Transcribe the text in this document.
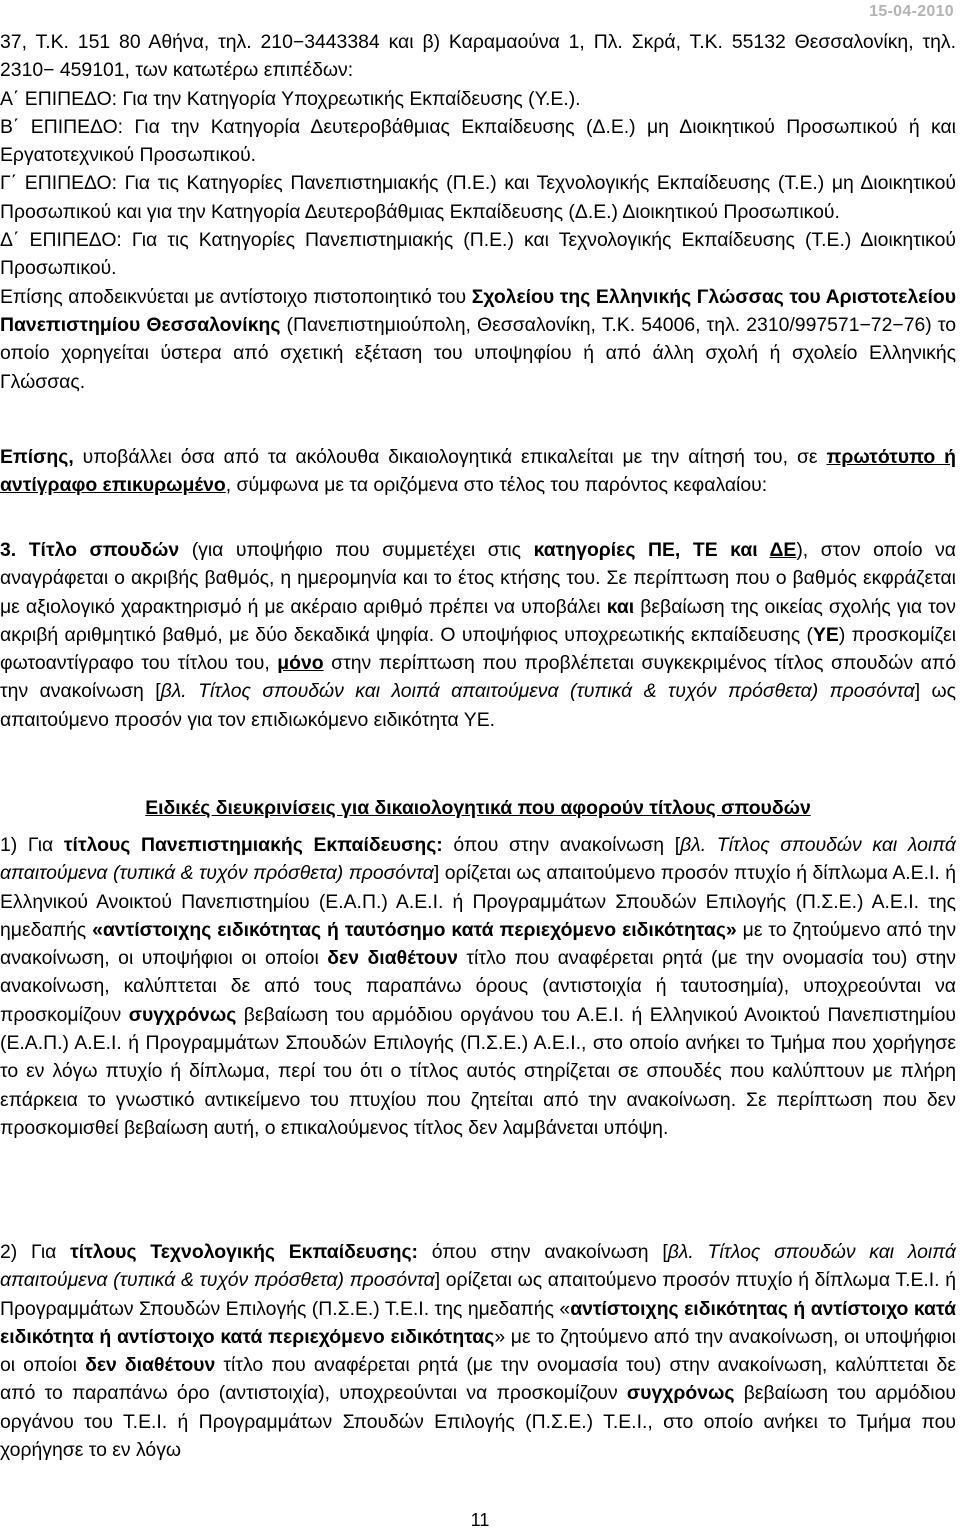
15-04-2010

37, Τ.Κ. 151 80 Αθήνα, τηλ. 210−3443384 και β) Καραμαούνα 1, Πλ. Σκρά, Τ.Κ. 55132 Θεσσαλονίκη, τηλ. 2310− 459101, των κατωτέρω επιπέδων:

Α΄ ΕΠΙΠΕΔΟ: Για την Κατηγορία Υποχρεωτικής Εκπαίδευσης (Υ.Ε.).

Β΄ ΕΠΙΠΕΔΟ: Για την Κατηγορία Δευτεροβάθμιας Εκπαίδευσης (Δ.Ε.) μη Διοικητικού Προσωπικού ή και Εργατοτεχνικού Προσωπικού.

Γ΄ ΕΠΙΠΕΔΟ: Για τις Κατηγορίες Πανεπιστημιακής (Π.Ε.) και Τεχνολογικής Εκπαίδευσης (Τ.Ε.) μη Διοικητικού Προσωπικού και για την Κατηγορία Δευτεροβάθμιας Εκπαίδευσης (Δ.Ε.) Διοικητικού Προσωπικού.

Δ΄ ΕΠΙΠΕΔΟ: Για τις Κατηγορίες Πανεπιστημιακής (Π.Ε.) και Τεχνολογικής Εκπαίδευσης (Τ.Ε.) Διοικητικού Προσωπικού.

Επίσης αποδεικνύεται με αντίστοιχο πιστοποιητικό του Σχολείου της Ελληνικής Γλώσσας του Αριστοτελείου Πανεπιστημίου Θεσσαλονίκης (Πανεπιστημιούπολη, Θεσσαλονίκη, Τ.Κ. 54006, τηλ. 2310/997571−72−76) το οποίο χορηγείται ύστερα από σχετική εξέταση του υποψηφίου ή από άλλη σχολή ή σχολείο Ελληνικής Γλώσσας.

Επίσης, υποβάλλει όσα από τα ακόλουθα δικαιολογητικά επικαλείται με την αίτησή του, σε πρωτότυπο ή αντίγραφο επικυρωμένο, σύμφωνα με τα οριζόμενα στο τέλος του παρόντος κεφαλαίου:

3. Τίτλο σπουδών (για υποψήφιο που συμμετέχει στις κατηγορίες ΠΕ, ΤΕ και ΔΕ), στον οποίο να αναγράφεται ο ακριβής βαθμός, η ημερομηνία και το έτος κτήσης του. Σε περίπτωση που ο βαθμός εκφράζεται με αξιολογικό χαρακτηρισμό ή με ακέραιο αριθμό πρέπει να υποβάλει και βεβαίωση της οικείας σχολής για τον ακριβή αριθμητικό βαθμό, με δύο δεκαδικά ψηφία. Ο υποψήφιος υποχρεωτικής εκπαίδευσης (ΥΕ) προσκομίζει φωτοαντίγραφο του τίτλου του, μόνο στην περίπτωση που προβλέπεται συγκεκριμένος τίτλος σπουδών από την ανακοίνωση [βλ. Τίτλος σπουδών και λοιπά απαιτούμενα (τυπικά & τυχόν πρόσθετα) προσόντα] ως απαιτούμενο προσόν για τον επιδιωκόμενο ειδικότητα ΥΕ.

Ειδικές διευκρινίσεις για δικαιολογητικά που αφορούν τίτλους σπουδών

1) Για τίτλους Πανεπιστημιακής Εκπαίδευσης: όπου στην ανακοίνωση [βλ. Τίτλος σπουδών και λοιπά απαιτούμενα (τυπικά & τυχόν πρόσθετα) προσόντα] ορίζεται ως απαιτούμενο προσόν πτυχίο ή δίπλωμα Α.Ε.Ι. ή Ελληνικού Ανοικτού Πανεπιστημίου (Ε.Α.Π.) Α.Ε.Ι. ή Προγραμμάτων Σπουδών Επιλογής (Π.Σ.Ε.) Α.Ε.Ι. της ημεδαπής «αντίστοιχης ειδικότητας ή ταυτόσημο κατά περιεχόμενο ειδικότητας» με το ζητούμενο από την ανακοίνωση, οι υποψήφιοι οι οποίοι δεν διαθέτουν τίτλο που αναφέρεται ρητά (με την ονομασία του) στην ανακοίνωση, καλύπτεται δε από τους παραπάνω όρους (αντιστοιχία ή ταυτοσημία), υποχρεούνται να προσκομίζουν συγχρόνως βεβαίωση του αρμόδιου οργάνου του Α.Ε.Ι. ή Ελληνικού Ανοικτού Πανεπιστημίου (Ε.Α.Π.) Α.Ε.Ι. ή Προγραμμάτων Σπουδών Επιλογής (Π.Σ.Ε.) Α.Ε.Ι., στο οποίο ανήκει το Τμήμα που χορήγησε το εν λόγω πτυχίο ή δίπλωμα, περί του ότι ο τίτλος αυτός στηρίζεται σε σπουδές που καλύπτουν με πλήρη επάρκεια το γνωστικό αντικείμενο του πτυχίου που ζητείται από την ανακοίνωση. Σε περίπτωση που δεν προσκομισθεί βεβαίωση αυτή, ο επικαλούμενος τίτλος δεν λαμβάνεται υπόψη.

2) Για τίτλους Τεχνολογικής Εκπαίδευσης: όπου στην ανακοίνωση [βλ. Τίτλος σπουδών και λοιπά απαιτούμενα (τυπικά & τυχόν πρόσθετα) προσόντα] ορίζεται ως απαιτούμενο προσόν πτυχίο ή δίπλωμα Τ.Ε.Ι. ή Προγραμμάτων Σπουδών Επιλογής (Π.Σ.Ε.) Τ.Ε.Ι. της ημεδαπής «αντίστοιχης ειδικότητας ή αντίστοιχο κατά ειδικότητα ή αντίστοιχο κατά περιεχόμενο ειδικότητας» με το ζητούμενο από την ανακοίνωση, οι υποψήφιοι οι οποίοι δεν διαθέτουν τίτλο που αναφέρεται ρητά (με την ονομασία του) στην ανακοίνωση, καλύπτεται δε από το παραπάνω όρο (αντιστοιχία), υποχρεούνται να προσκομίζουν συγχρόνως βεβαίωση του αρμόδιου οργάνου του Τ.Ε.Ι. ή Προγραμμάτων Σπουδών Επιλογής (Π.Σ.Ε.) Τ.Ε.Ι., στο οποίο ανήκει το Τμήμα που χορήγησε το εν λόγω

11
